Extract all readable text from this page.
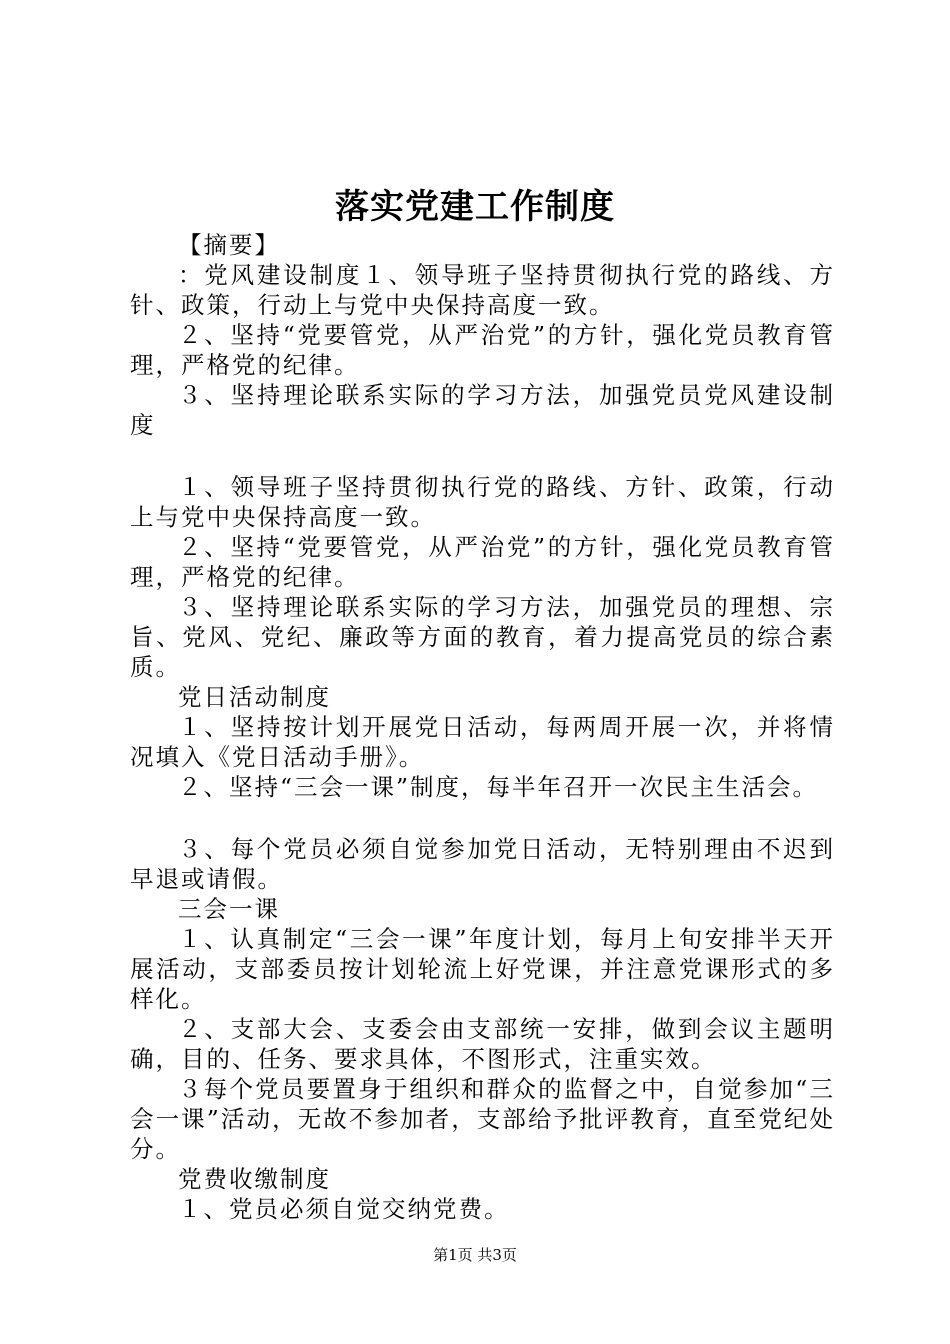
落实党建工作制度

【摘要】

：党风建设制度１、领导班子坚持贯彻执行党的路线、方针、政策，行动上与党中央保持高度一致。

２、坚持“党要管党，从严治党”的方针，强化党员教育管理，严格党的纪律。

３、坚持理论联系实际的学习方法，加强党员党风建设制度

１、领导班子坚持贯彻执行党的路线、方针、政策，行动上与党中央保持高度一致。

２、坚持“党要管党，从严治党”的方针，强化党员教育管理，严格党的纪律。

３、坚持理论联系实际的学习方法，加强党员的理想、宗旨、党风、党纪、廉政等方面的教育，着力提高党员的综合素质。

党日活动制度

１、坚持按计划开展党日活动，每两周开展一次，并将情况填入《党日活动手册》。

２、坚持“三会一课”制度，每半年召开一次民主生活会。

３、每个党员必须自觉参加党日活动，无特别理由不迟到早退或请假。

三会一课

１、认真制定“三会一课”年度计划，每月上旬安排半天开展活动，支部委员按计划轮流上好党课，并注意党课形式的多样化。

２、支部大会、支委会由支部统一安排，做到会议主题明确，目的、任务、要求具体，不图形式，注重实效。

３每个党员要置身于组织和群众的监督之中，自觉参加“三会一课”活动，无故不参加者，支部给予批评教育，直至党纪处分。

党费收缴制度

１、党员必须自觉交纳党费。

第1页 共3页
